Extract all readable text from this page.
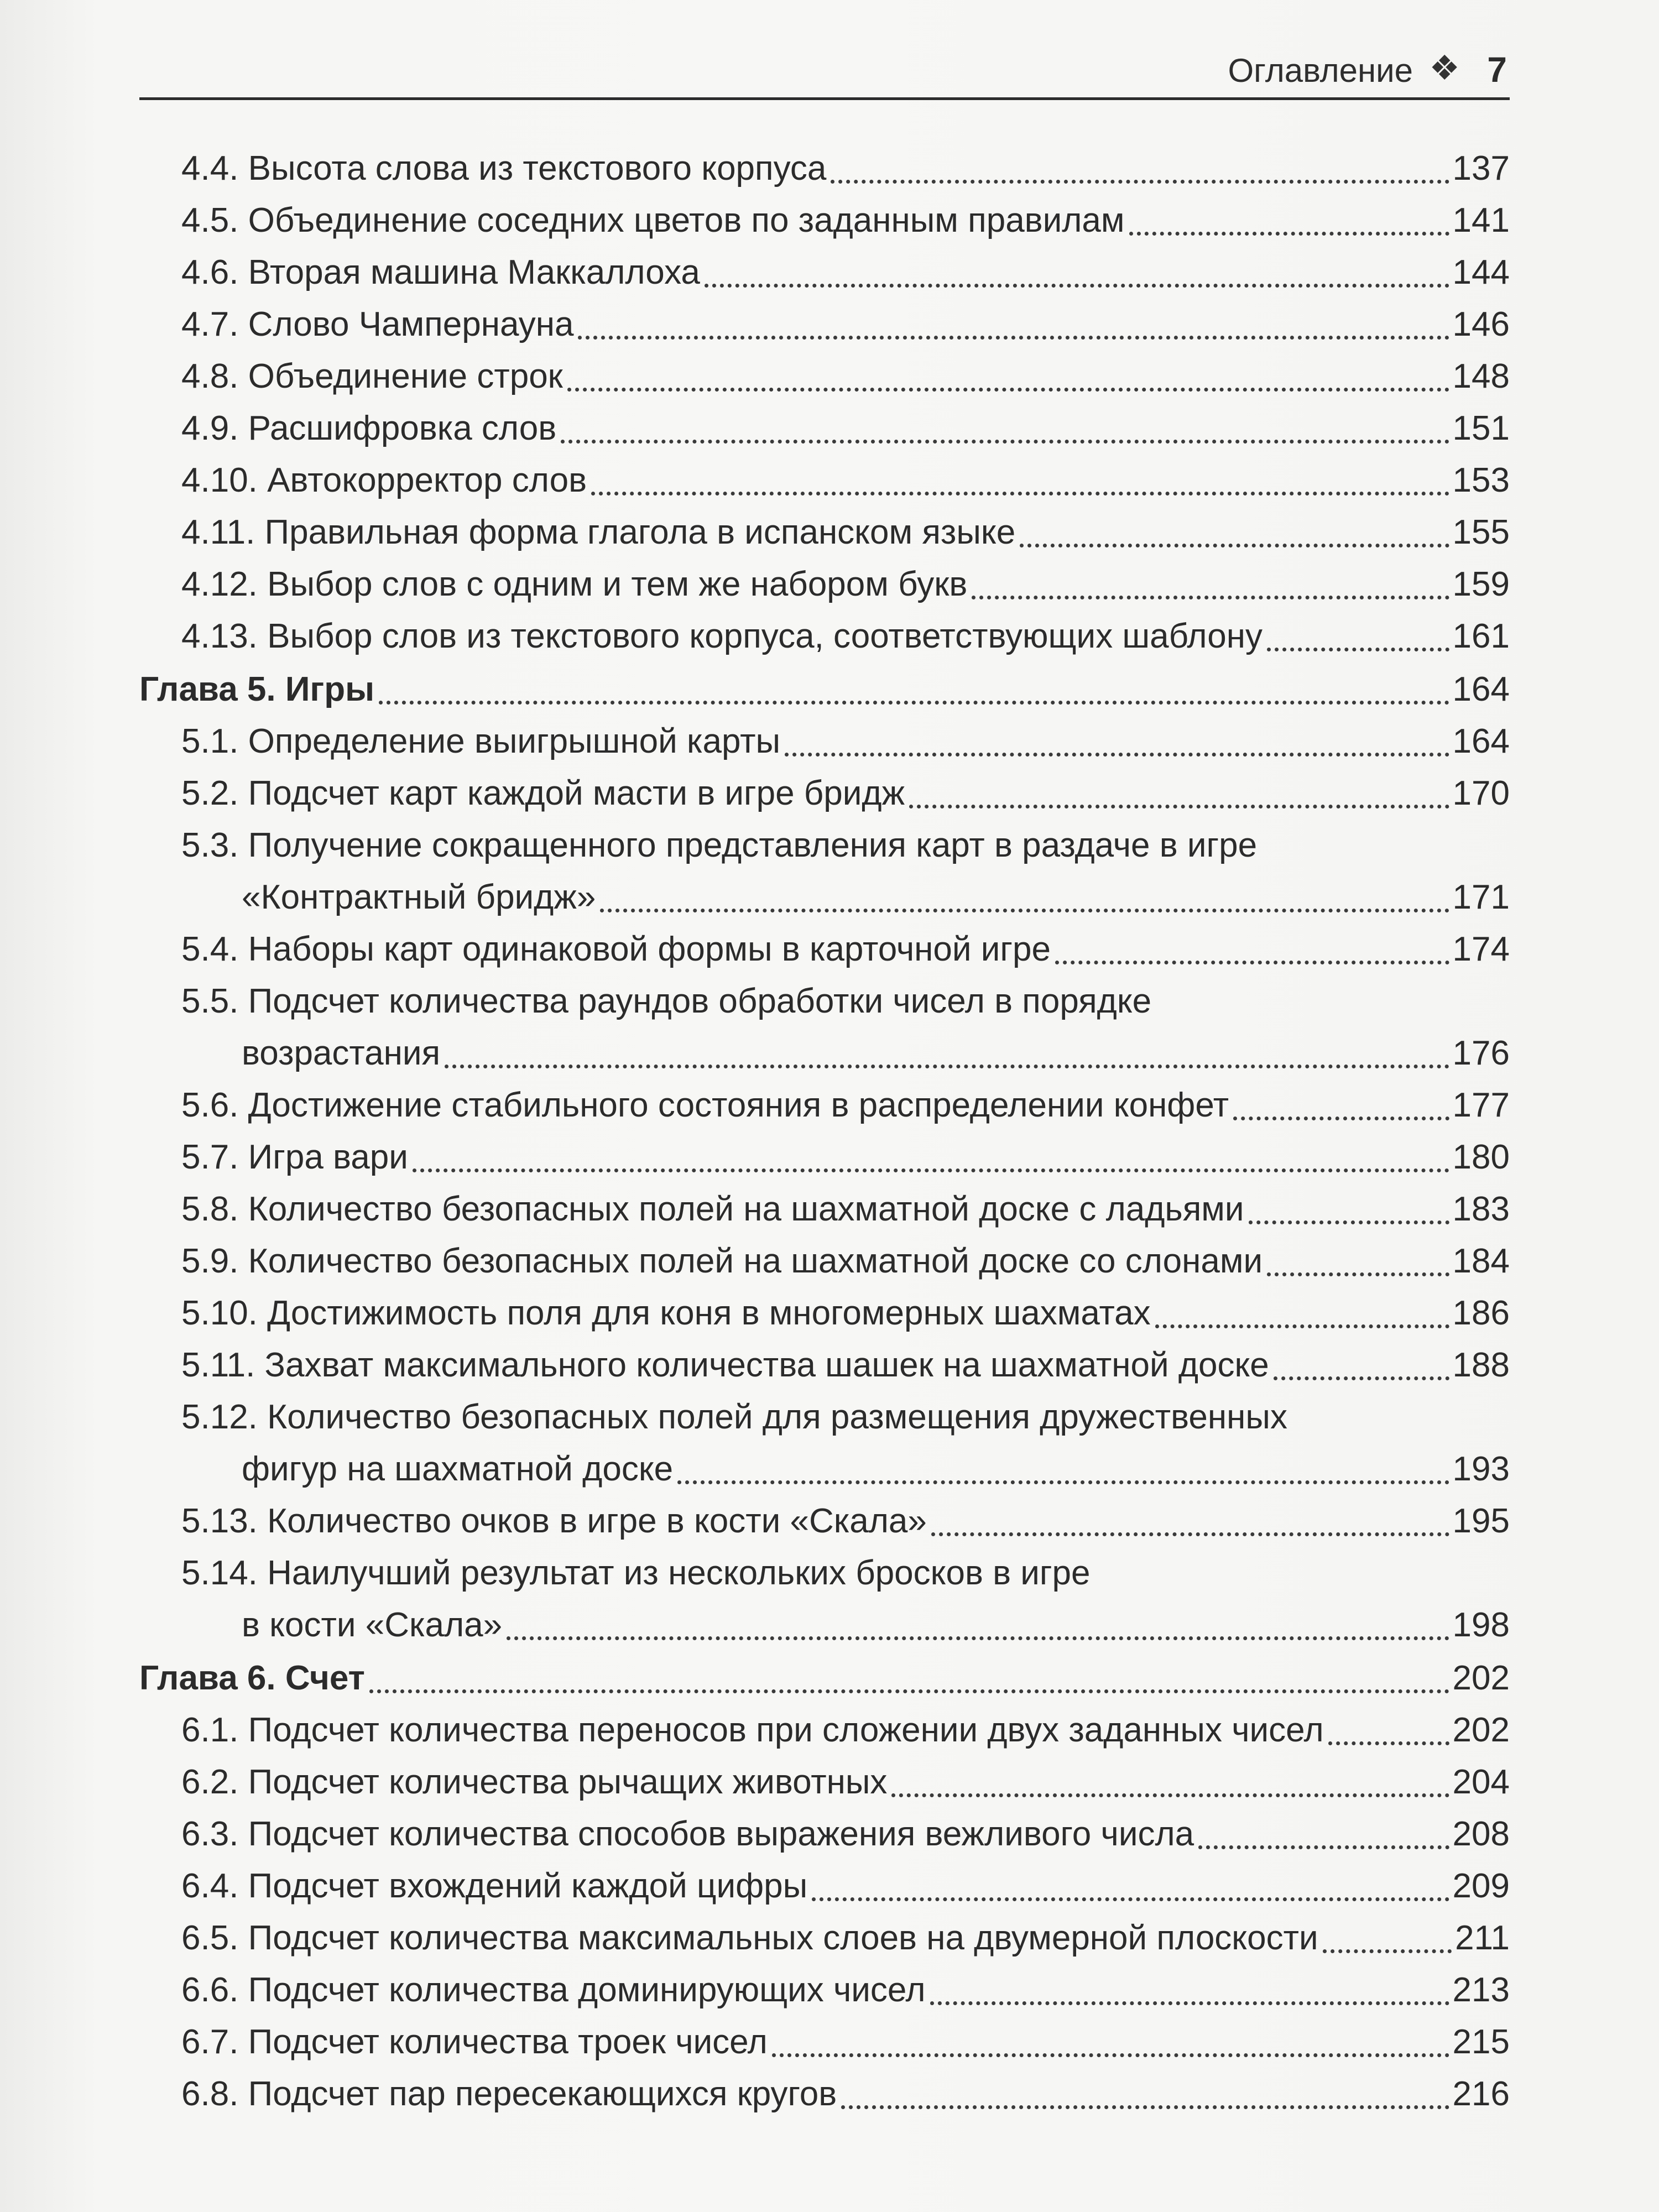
Оглавление ❖ 7
4.4. Высота слова из текстового корпуса	137
4.5. Объединение соседних цветов по заданным правилам	141
4.6. Вторая машина Маккаллоха	144
4.7. Слово Чампернауна	146
4.8. Объединение строк	148
4.9. Расшифровка слов	151
4.10. Автокорректор слов	153
4.11. Правильная форма глагола в испанском языке	155
4.12. Выбор слов с одним и тем же набором букв	159
4.13. Выбор слов из текстового корпуса, соответствующих шаблону	161
Глава 5. Игры	164
5.1. Определение выигрышной карты	164
5.2. Подсчет карт каждой масти в игре бридж	170
5.3. Получение сокращенного представления карт в раздаче в игре
«Контрактный бридж»	171
5.4. Наборы карт одинаковой формы в карточной игре	174
5.5. Подсчет количества раундов обработки чисел в порядке
возрастания	176
5.6. Достижение стабильного состояния в распределении конфет	177
5.7. Игра вари	180
5.8. Количество безопасных полей на шахматной доске с ладьями	183
5.9. Количество безопасных полей на шахматной доске со слонами	184
5.10. Достижимость поля для коня в многомерных шахматах	186
5.11. Захват максимального количества шашек на шахматной доске	188
5.12. Количество безопасных полей для размещения дружественных
фигур на шахматной доске	193
5.13. Количество очков в игре в кости «Скала»	195
5.14. Наилучший результат из нескольких бросков в игре
в кости «Скала»	198
Глава 6. Счет	202
6.1. Подсчет количества переносов при сложении двух заданных чисел	202
6.2. Подсчет количества рычащих животных	204
6.3. Подсчет количества способов выражения вежливого числа	208
6.4. Подсчет вхождений каждой цифры	209
6.5. Подсчет количества максимальных слоев на двумерной плоскости	211
6.6. Подсчет количества доминирующих чисел	213
6.7. Подсчет количества троек чисел	215
6.8. Подсчет пар пересекающихся кругов	216
